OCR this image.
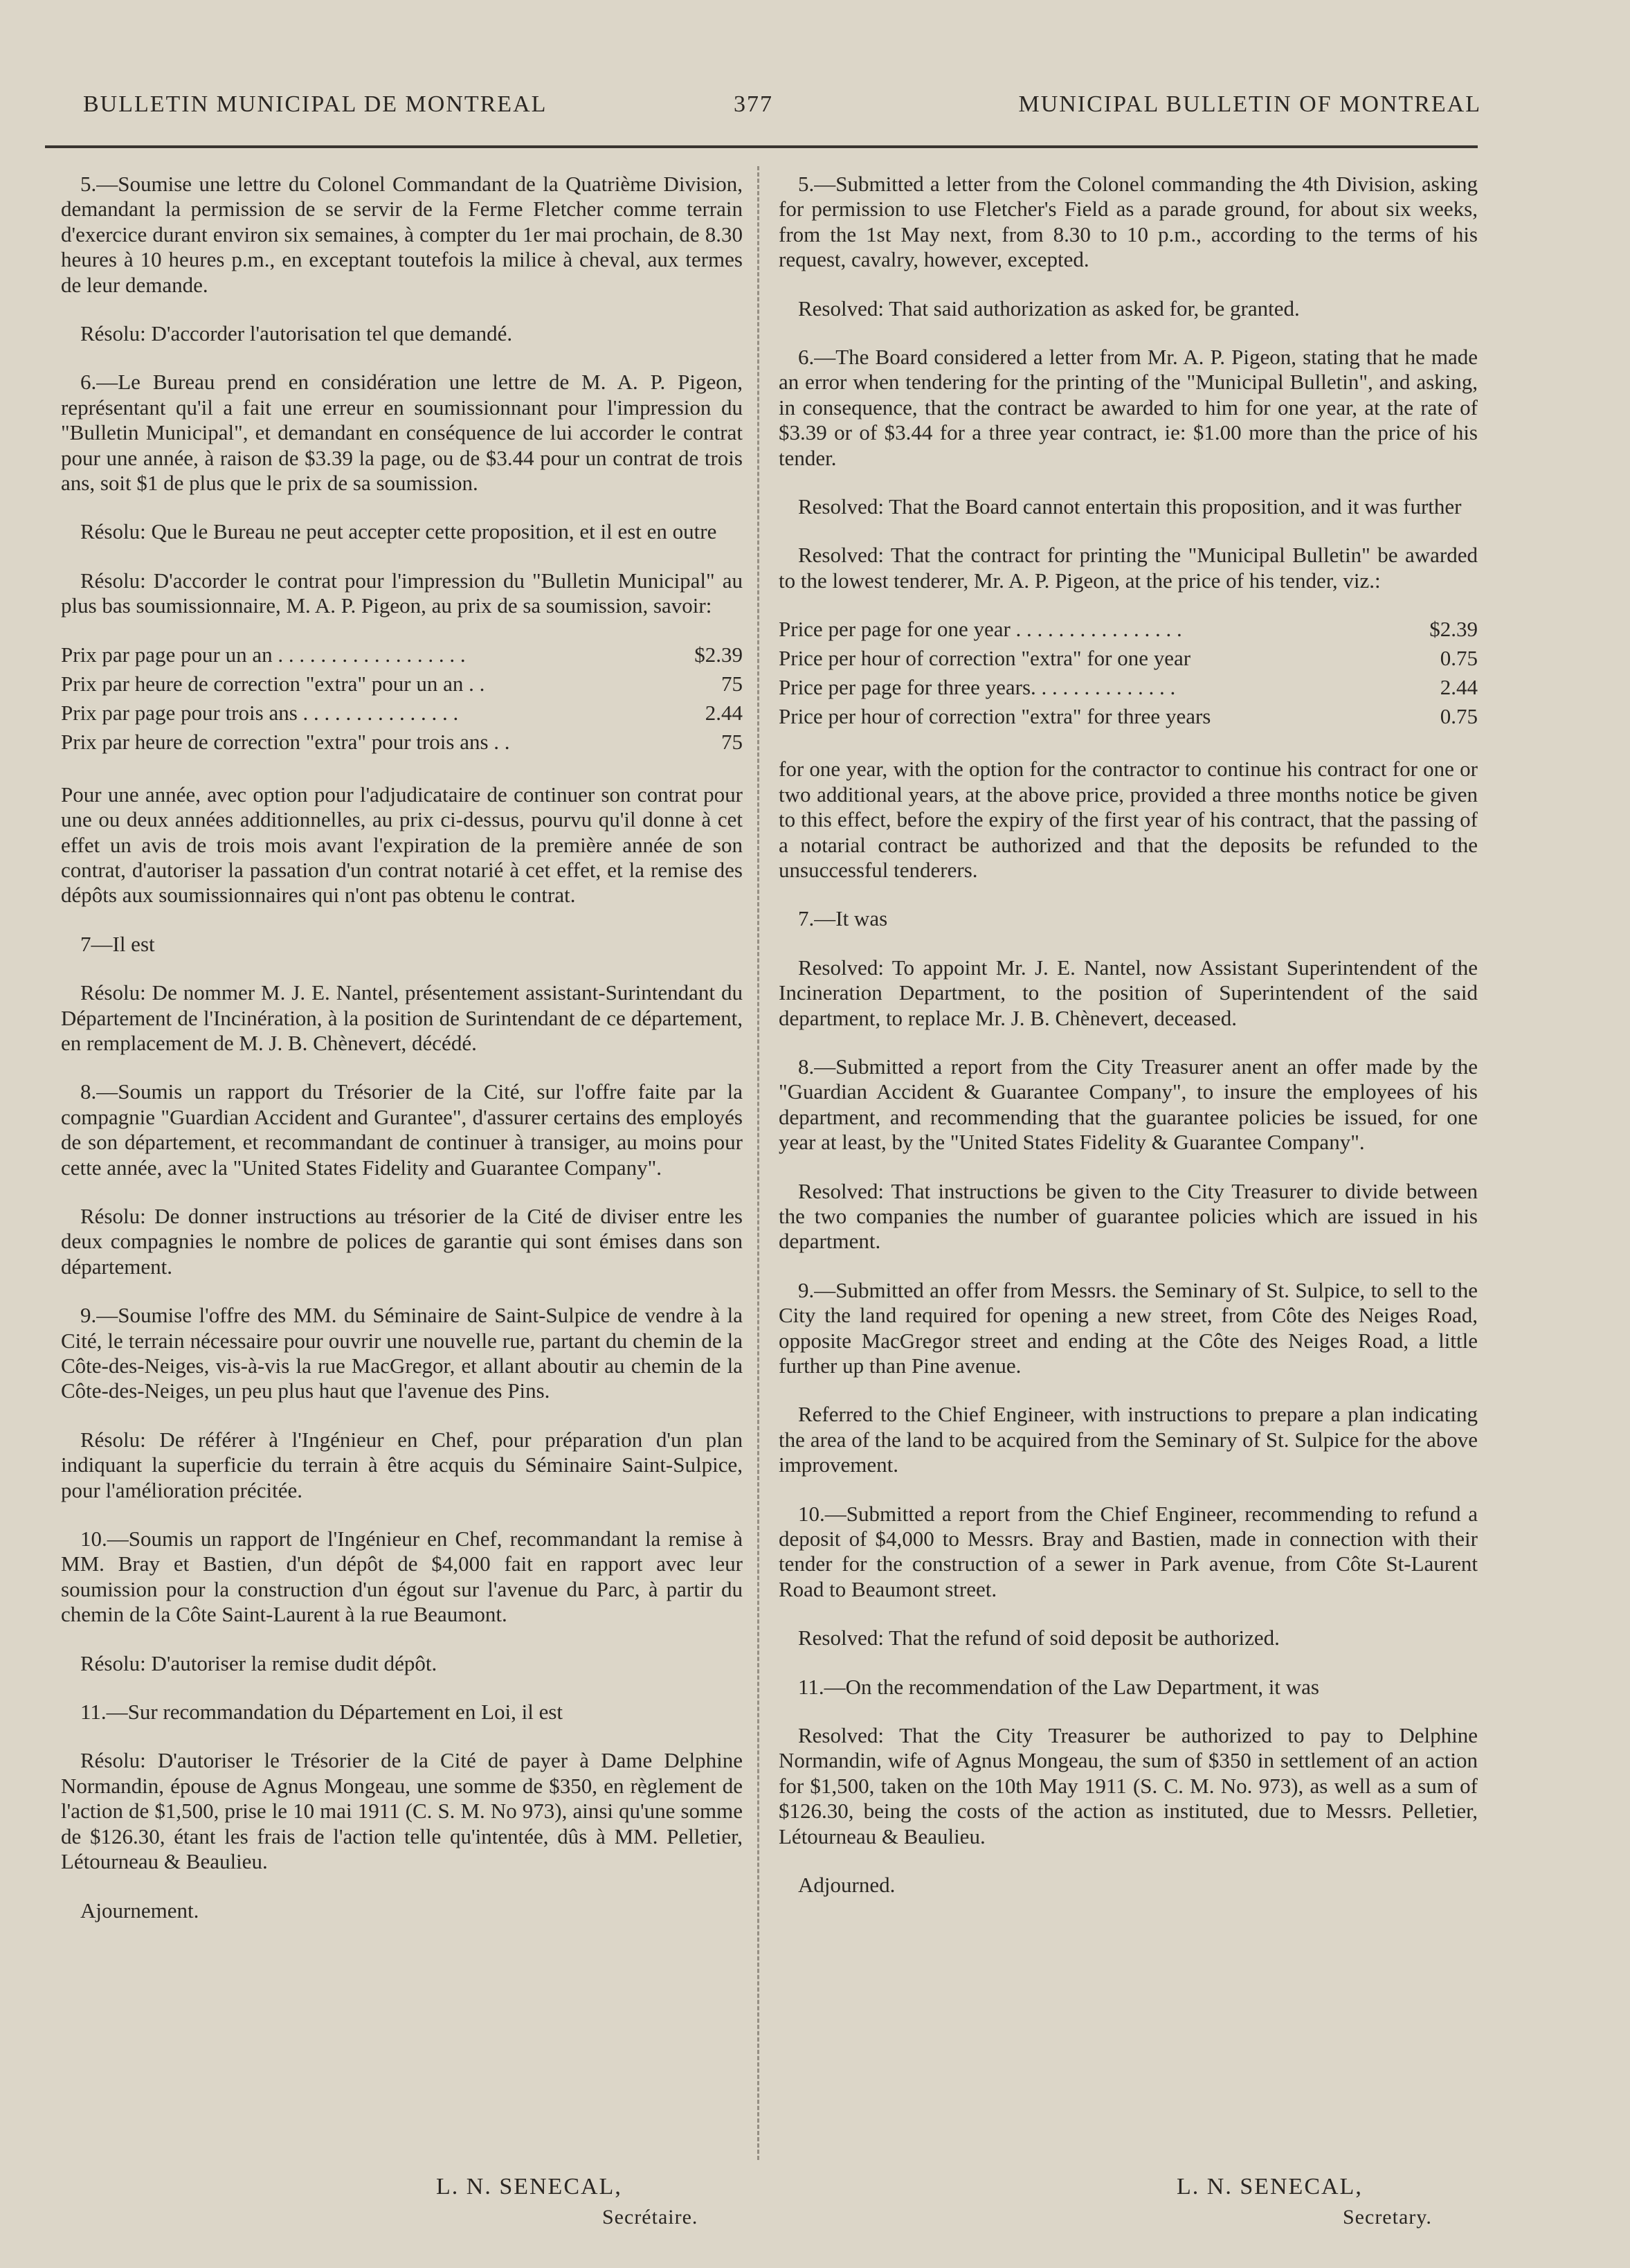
BULLETIN MUNICIPAL DE MONTREAL	377	MUNICIPAL BULLETIN OF MONTREAL

5.—Soumise une lettre du Colonel Commandant de la Quatrième Division, demandant la permission de se servir de la Ferme Fletcher comme terrain d'exercice durant environ six semaines, à compter du 1er mai prochain, de 8.30 heures à 10 heures p.m., en exceptant toutefois la milice à cheval, aux termes de leur demande.

Résolu: D'accorder l'autorisation tel que demandé.

6.—Le Bureau prend en considération une lettre de M. A. P. Pigeon, représentant qu'il a fait une erreur en soumissionnant pour l'impression du "Bulletin Municipal", et demandant en conséquence de lui accorder le contrat pour une année, à raison de $3.39 la page, ou de $3.44 pour un contrat de trois ans, soit $1 de plus que le prix de sa soumission.

Résolu: Que le Bureau ne peut accepter cette proposition, et il est en outre

Résolu: D'accorder le contrat pour l'impression du "Bulletin Municipal" au plus bas soumissionnaire, M. A. P. Pigeon, au prix de sa soumission, savoir:

Prix par page pour un an . . . . . . . . . . . . . . . . . .	$2.39
Prix par heure de correction "extra" pour un an . .	75
Prix par page pour trois ans . . . . . . . . . . . . . . .	2.44
Prix par heure de correction "extra" pour trois ans . .	75

Pour une année, avec option pour l'adjudicataire de continuer son contrat pour une ou deux années additionnelles, au prix ci-dessus, pourvu qu'il donne à cet effet un avis de trois mois avant l'expiration de la première année de son contrat, d'autoriser la passation d'un contrat notarié à cet effet, et la remise des dépôts aux soumissionnaires qui n'ont pas obtenu le contrat.

7—Il est

Résolu: De nommer M. J. E. Nantel, présentement assistant-Surintendant du Département de l'Incinération, à la position de Surintendant de ce département, en remplacement de M. J. B. Chènevert, décédé.

8.—Soumis un rapport du Trésorier de la Cité, sur l'offre faite par la compagnie "Guardian Accident and Gurantee", d'assurer certains des employés de son département, et recommandant de continuer à transiger, au moins pour cette année, avec la "United States Fidelity and Guarantee Company".

Résolu: De donner instructions au trésorier de la Cité de diviser entre les deux compagnies le nombre de polices de garantie qui sont émises dans son département.

9.—Soumise l'offre des MM. du Séminaire de Saint-Sulpice de vendre à la Cité, le terrain nécessaire pour ouvrir une nouvelle rue, partant du chemin de la Côte-des-Neiges, vis-à-vis la rue MacGregor, et allant aboutir au chemin de la Côte-des-Neiges, un peu plus haut que l'avenue des Pins.

Résolu: De référer à l'Ingénieur en Chef, pour préparation d'un plan indiquant la superficie du terrain à être acquis du Séminaire Saint-Sulpice, pour l'amélioration précitée.

10.—Soumis un rapport de l'Ingénieur en Chef, recommandant la remise à MM. Bray et Bastien, d'un dépôt de $4,000 fait en rapport avec leur soumission pour la construction d'un égout sur l'avenue du Parc, à partir du chemin de la Côte Saint-Laurent à la rue Beaumont.

Résolu: D'autoriser la remise dudit dépôt.

11.—Sur recommandation du Département en Loi, il est

Résolu: D'autoriser le Trésorier de la Cité de payer à Dame Delphine Normandin, épouse de Agnus Mongeau, une somme de $350, en règlement de l'action de $1,500, prise le 10 mai 1911 (C. S. M. No 973), ainsi qu'une somme de $126.30, étant les frais de l'action telle qu'intentée, dûs à MM. Pelletier, Létourneau & Beaulieu.

Ajournement.

5.—Submitted a letter from the Colonel commanding the 4th Division, asking for permission to use Fletcher's Field as a parade ground, for about six weeks, from the 1st May next, from 8.30 to 10 p.m., according to the terms of his request, cavalry, however, excepted.

Resolved: That said authorization as asked for, be granted.

6.—The Board considered a letter from Mr. A. P. Pigeon, stating that he made an error when tendering for the printing of the "Municipal Bulletin", and asking, in consequence, that the contract be awarded to him for one year, at the rate of $3.39 or of $3.44 for a three year contract, ie: $1.00 more than the price of his tender.

Resolved: That the Board cannot entertain this proposition, and it was further

Resolved: That the contract for printing the "Municipal Bulletin" be awarded to the lowest tenderer, Mr. A. P. Pigeon, at the price of his tender, viz.:

Price per page for one year . . . . . . . . . . . . . . . .	$2.39
Price per hour of correction "extra" for one year	0.75
Price per page for three years. . . . . . . . . . . . . .	2.44
Price per hour of correction "extra" for three years	0.75

for one year, with the option for the contractor to continue his contract for one or two additional years, at the above price, provided a three months notice be given to this effect, before the expiry of the first year of his contract, that the passing of a notarial contract be authorized and that the deposits be refunded to the unsuccessful tenderers.

7.—It was

Resolved: To appoint Mr. J. E. Nantel, now Assistant Superintendent of the Incineration Department, to the position of Superintendent of the said department, to replace Mr. J. B. Chènevert, deceased.

8.—Submitted a report from the City Treasurer anent an offer made by the "Guardian Accident & Guarantee Company", to insure the employees of his department, and recommending that the guarantee policies be issued, for one year at least, by the "United States Fidelity & Guarantee Company".

Resolved: That instructions be given to the City Treasurer to divide between the two companies the number of guarantee policies which are issued in his department.

9.—Submitted an offer from Messrs. the Seminary of St. Sulpice, to sell to the City the land required for opening a new street, from Côte des Neiges Road, opposite MacGregor street and ending at the Côte des Neiges Road, a little further up than Pine avenue.

Referred to the Chief Engineer, with instructions to prepare a plan indicating the area of the land to be acquired from the Seminary of St. Sulpice for the above improvement.

10.—Submitted a report from the Chief Engineer, recommending to refund a deposit of $4,000 to Messrs. Bray and Bastien, made in connection with their tender for the construction of a sewer in Park avenue, from Côte St-Laurent Road to Beaumont street.

Resolved: That the refund of soid deposit be authorized.

11.—On the recommendation of the Law Department, it was

Resolved: That the City Treasurer be authorized to pay to Delphine Normandin, wife of Agnus Mongeau, the sum of $350 in settlement of an action for $1,500, taken on the 10th May 1911 (S. C. M. No. 973), as well as a sum of $126.30, being the costs of the action as instituted, due to Messrs. Pelletier, Létourneau & Beaulieu.

Adjourned.

L. N. SENECAL,
Secrétaire.
L. N. SENECAL,
Secretary.
